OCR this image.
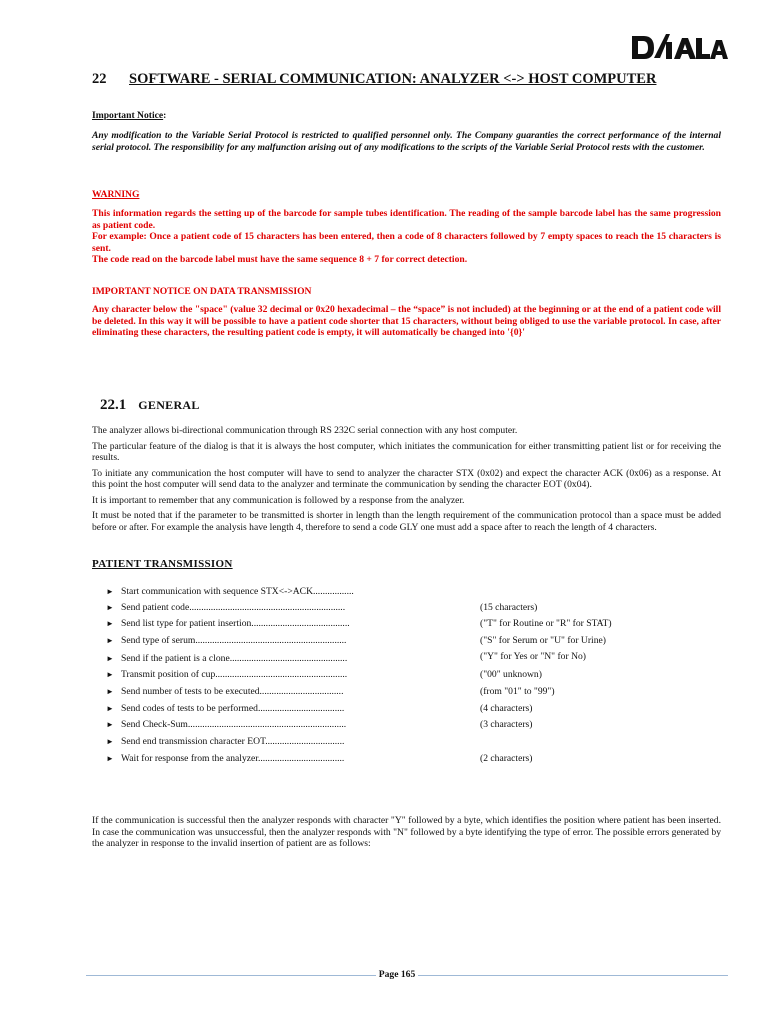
22 SOFTWARE - SERIAL COMMUNICATION: ANALYZER <-> HOST COMPUTER
Important Notice:
Any modification to the Variable Serial Protocol is restricted to qualified personnel only. The Company guaranties the correct performance of the internal serial protocol. The responsibility for any malfunction arising out of any modifications to the scripts of the Variable Serial Protocol rests with the customer.
WARNING
This information regards the setting up of the barcode for sample tubes identification. The reading of the sample barcode label has the same progression as patient code.
For example: Once a patient code of 15 characters has been entered, then a code of 8 characters followed by 7 empty spaces to reach the 15 characters is sent.
The code read on the barcode label must have the same sequence 8 + 7 for correct detection.
IMPORTANT NOTICE ON DATA TRANSMISSION
Any character below the "space" (value 32 decimal or 0x20 hexadecimal – the “space” is not included) at the beginning or at the end of a patient code will be deleted. In this way it will be possible to have a patient code shorter that 15 characters, without being obliged to use the variable protocol. In case, after eliminating these characters, the resulting patient code is empty, it will automatically be changed into '{0}'
22.1 GENERAL

The analyzer allows bi-directional communication through RS 232C serial connection with any host computer.

The particular feature of the dialog is that it is always the host computer, which initiates the communication for either transmitting patient list or for receiving the results.

To initiate any communication the host computer will have to send to analyzer the character STX (0x02) and expect the character ACK (0x06) as a response. At this point the host computer will send data to the analyzer and terminate the communication by sending the character EOT (0x04).

It is important to remember that any communication is followed by a response from the analyzer.

It must be noted that if the parameter to be transmitted is shorter in length than the length requirement of the communication protocol than a space must be added before or after. For example the analysis have length 4, therefore to send a code GLY one must add a space after to reach the length of 4 characters.

PATIENT TRANSMISSION
► Start communication with sequence STX<->ACK.................
► Send patient code.................................................................	(15 characters)
► Send list type for patient insertion.........................................	("T" for Routine or "R" for STAT)
► Send type of serum...............................................................	("S" for Serum or "U" for Urine)
► Send if the patient is a clone.................................................	("Y" for Yes or "N" for No)
► Transmit position of cup.......................................................	("00" unknown)
► Send number of tests to be executed...................................	(from "01" to "99")
► Send codes of tests to be performed....................................	(4 characters)
► Send Check-Sum..................................................................	(3 characters)
► Send end transmission character EOT.................................
► Wait for response from the analyzer....................................	(2 characters)
If the communication is successful then the analyzer responds with character "Y" followed by a byte, which identifies the position where patient has been inserted. In case the communication was unsuccessful, then the analyzer responds with "N" followed by a byte identifying the type of error. The possible errors generated by the analyzer in response to the invalid insertion of patient are as follows:
Page 165
